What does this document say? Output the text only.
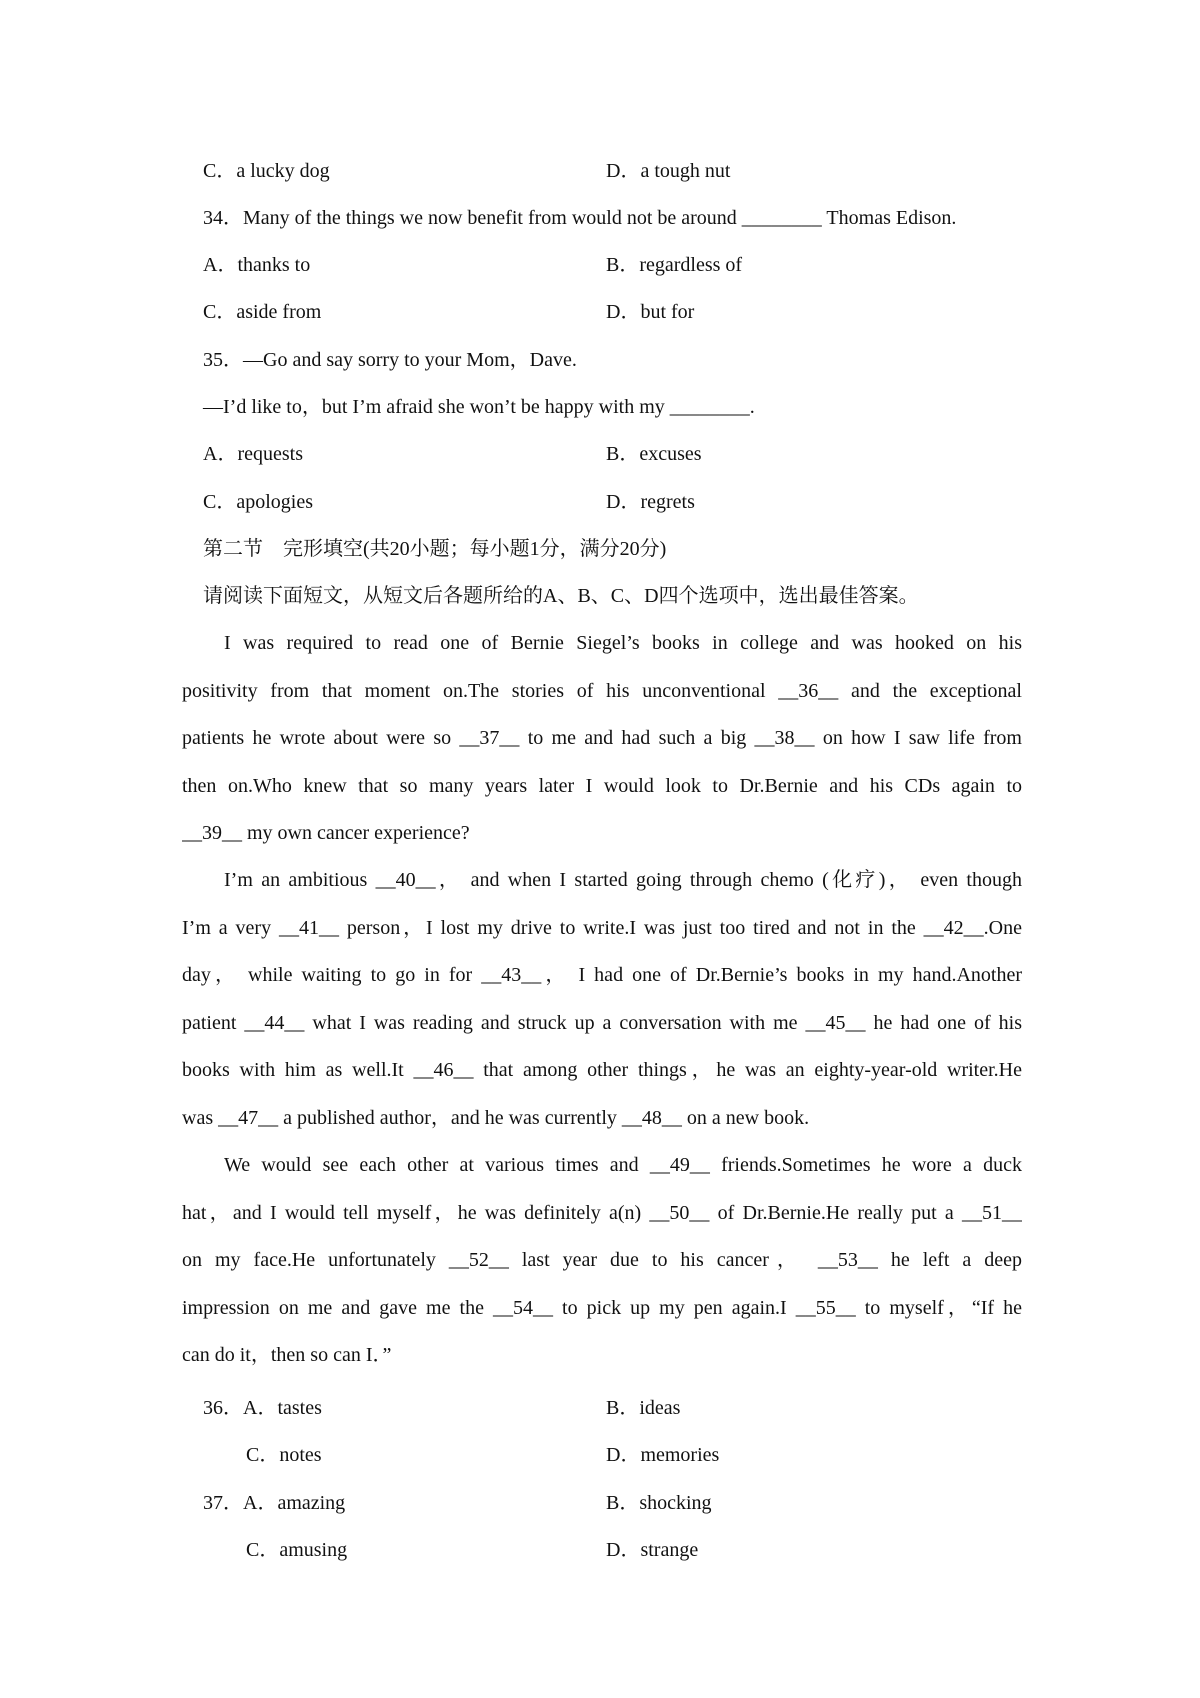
C．a lucky dog	D．a tough nut
34．Many of the things we now benefit from would not be around ________ Thomas Edison.
A．thanks to	B．regardless of
C．aside from	D．but for
35．—Go and say sorry to your Mom，Dave.
—I’d like to，but I’m afraid she won’t be happy with my ________.
A．requests	B．excuses
C．apologies	D．regrets
第二节　完形填空(共20小题；每小题1分，满分20分)
请阅读下面短文，从短文后各题所给的A、B、C、D四个选项中，选出最佳答案。
I was required to read one of Bernie Siegel’s books in college and was hooked on his
positivity from that moment on.The stories of his unconventional __36__ and the exceptional
patients he wrote about were so __37__ to me and had such a big __38__ on how I saw life from
then on.Who knew that so many years later I would look to Dr.Bernie and his CDs again to
__39__ my own cancer experience?
I’m an ambitious __40__， and when I started going through chemo (化疗)， even though
I’m a very __41__ person，I lost my drive to write.I was just too tired and not in the __42__.One
day， while waiting to go in for __43__， I had one of Dr.Bernie’s books in my hand.Another
patient __44__ what I was reading and struck up a conversation with me __45__ he had one of his
books with him as well.It __46__ that among other things，he was an eighty-year-old writer.He
was __47__ a published author，and he was currently __48__ on a new book.
We would see each other at various times and __49__ friends.Sometimes he wore a duck
hat，and I would tell myself，he was definitely a(n) __50__ of Dr.Bernie.He really put a __51__
on my face.He unfortunately __52__ last year due to his cancer， __53__ he left a deep
impression on me and gave me the __54__ to pick up my pen again.I __55__ to myself，“If he
can do it，then so can I．”
36．A．tastes	B．ideas
C．notes	D．memories
37．A．amazing	B．shocking
C．amusing	D．strange
